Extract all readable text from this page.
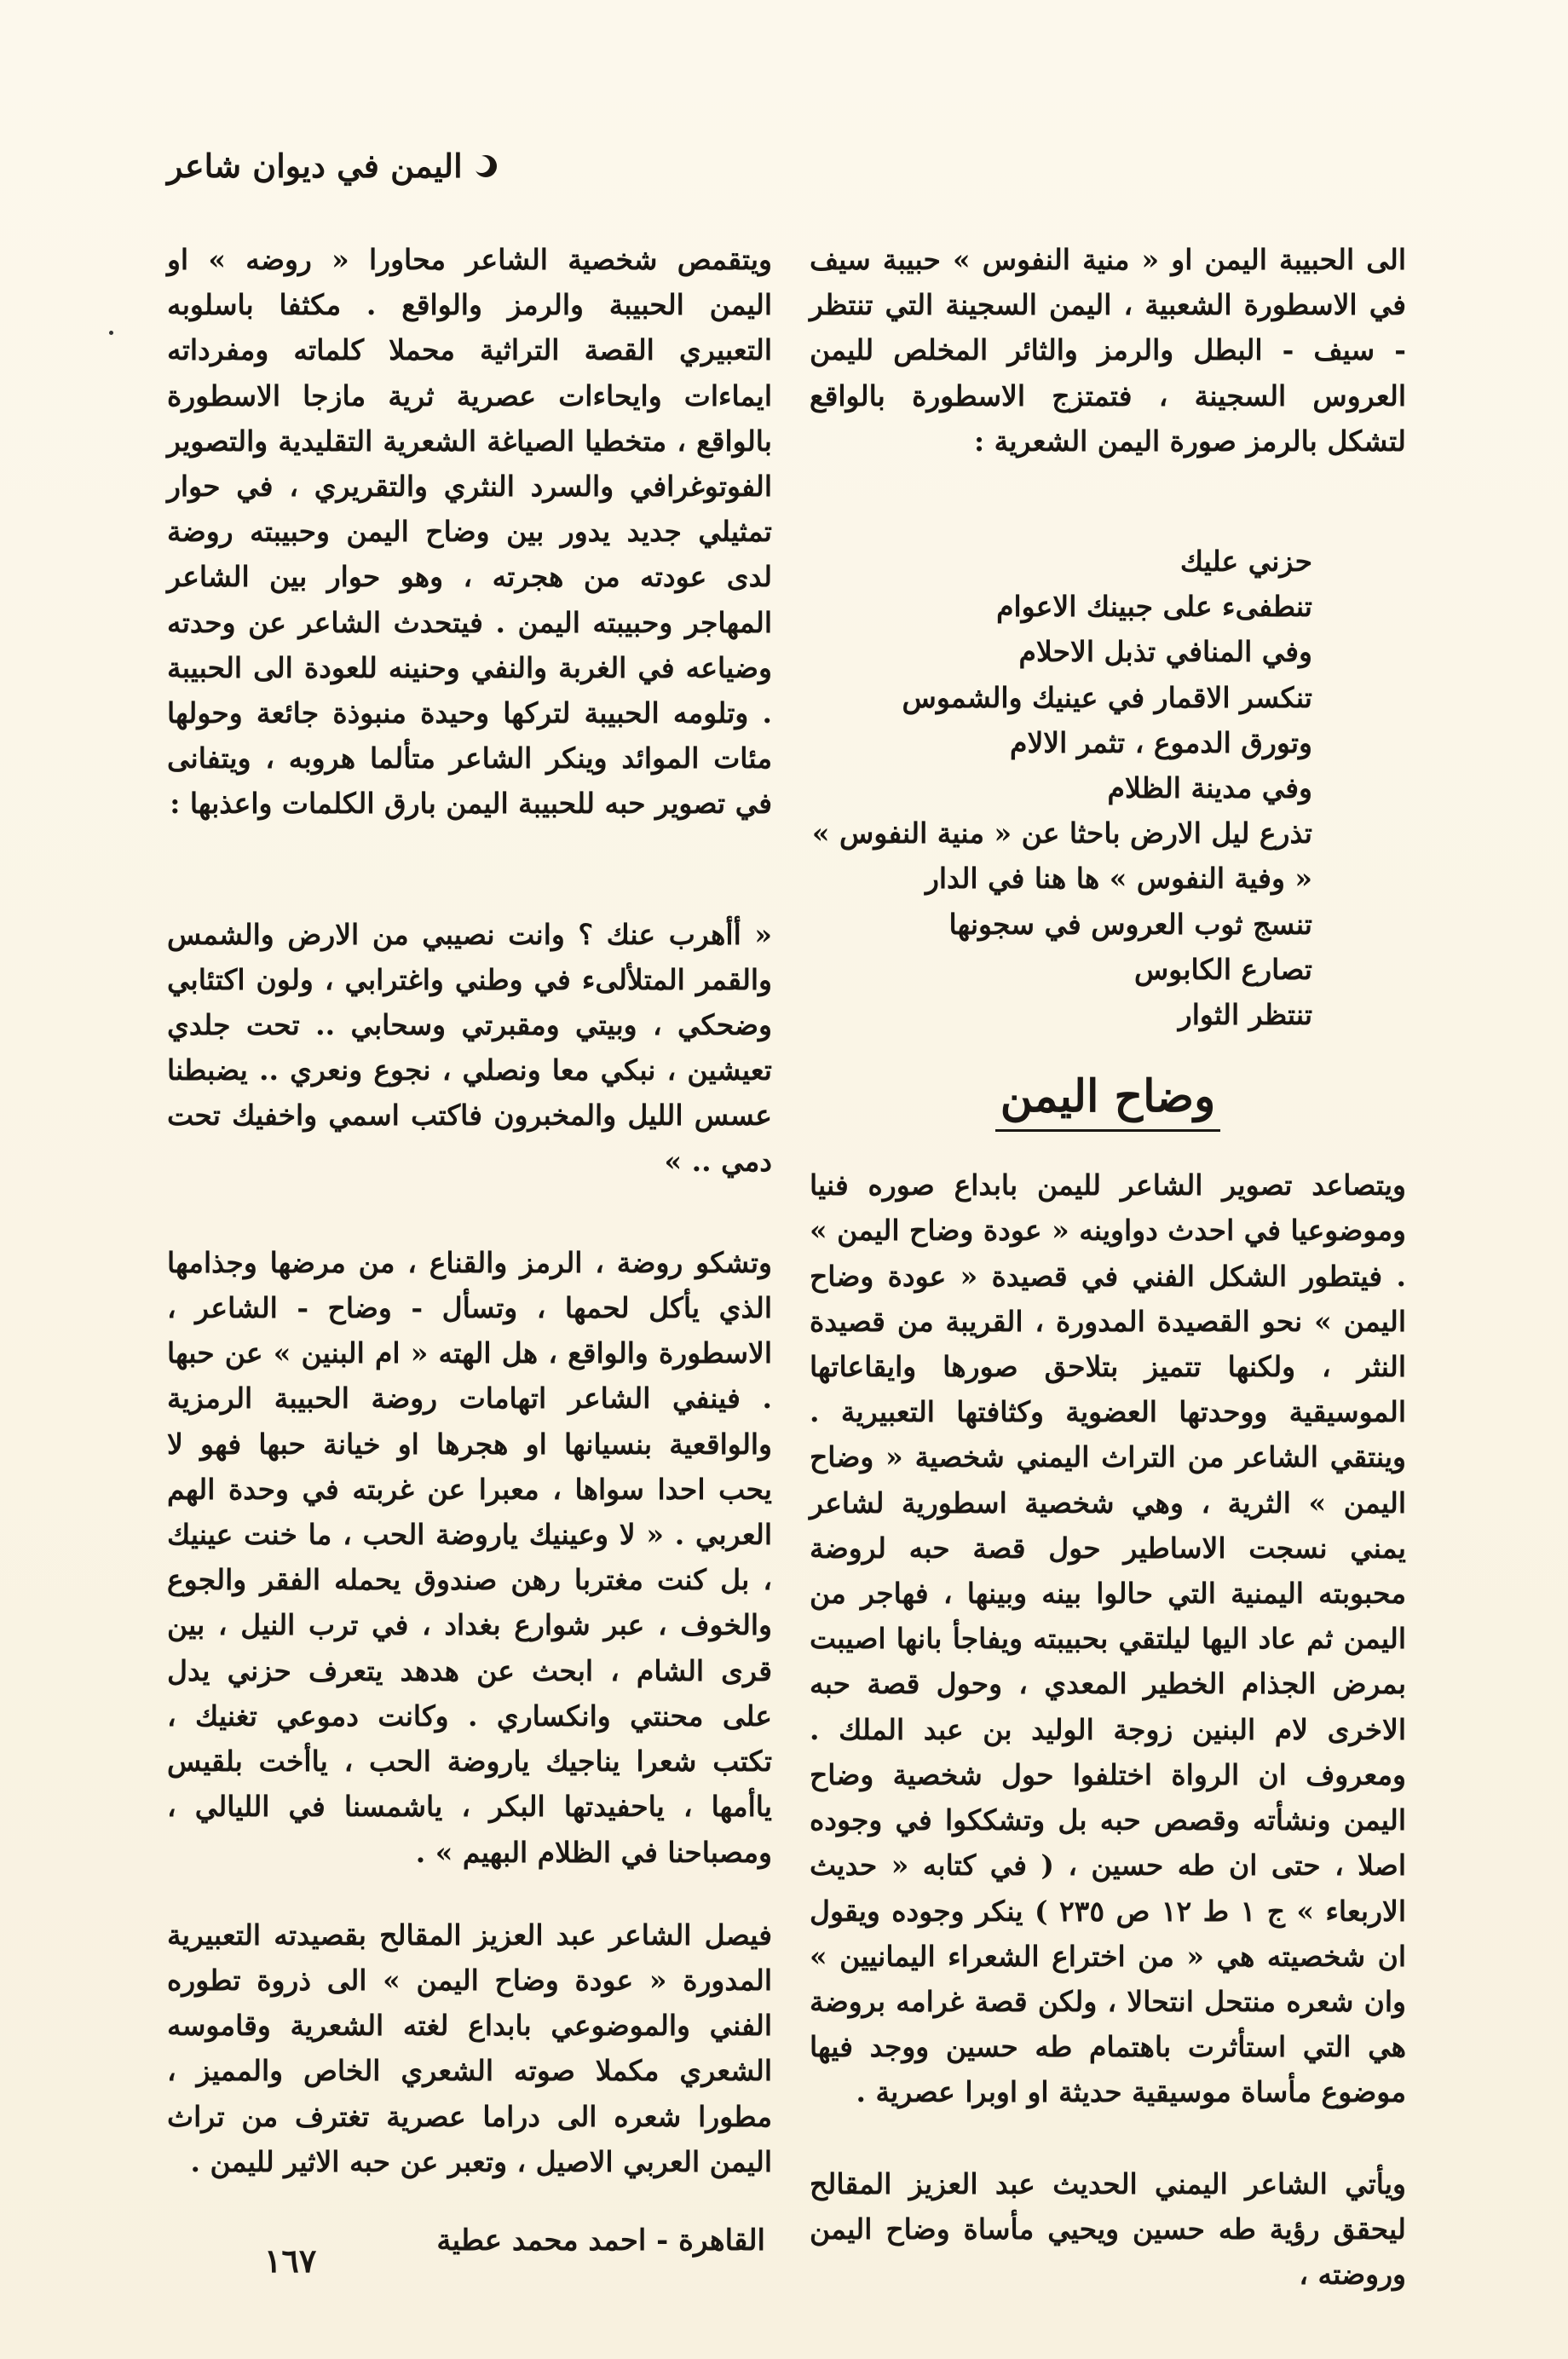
اليمن في ديوان شاعر

الى الحبيبة اليمن او « منية النفوس » حبيبة سيف في الاسطورة الشعبية ، اليمن السجينة التي تنتظر - سيف - البطل والرمز والثائر المخلص لليمن العروس السجينة ، فتمتزج الاسطورة بالواقع لتشكل بالرمز صورة اليمن الشعرية :

حزني عليك
تنطفىء على جبينك الاعوام
وفي المنافي تذبل الاحلام
تنكسر الاقمار في عينيك والشموس
وتورق الدموع ، تثمر الالام
وفي مدينة الظلام
تذرع ليل الارض باحثا عن « منية النفوس »
« وفية النفوس » ها هنا في الدار
تنسج ثوب العروس في سجونها
تصارع الكابوس
تنتظر الثوار
وضاح اليمن

ويتصاعد تصوير الشاعر لليمن بابداع صوره فنيا وموضوعيا في احدث دواوينه « عودة وضاح اليمن » . فيتطور الشكل الفني في قصيدة « عودة وضاح اليمن » نحو القصيدة المدورة ، القريبة من قصيدة النثر ، ولكنها تتميز بتلاحق صورها وايقاعاتها الموسيقية ووحدتها العضوية وكثافتها التعبيرية . وينتقي الشاعر من التراث اليمني شخصية « وضاح اليمن » الثرية ، وهي شخصية اسطورية لشاعر يمني نسجت الاساطير حول قصة حبه لروضة محبوبته اليمنية التي حالوا بينه وبينها ، فهاجر من اليمن ثم عاد اليها ليلتقي بحبيبته ويفاجأ بانها اصيبت بمرض الجذام الخطير المعدي ، وحول قصة حبه الاخرى لام البنين زوجة الوليد بن عبد الملك . ومعروف ان الرواة اختلفوا حول شخصية وضاح اليمن ونشأته وقصص حبه بل وتشككوا في وجوده اصلا ، حتى ان طه حسين ، ( في كتابه « حديث الاربعاء » ج ١ ط ١٢ ص ٢٣٥ ) ينكر وجوده ويقول ان شخصيته هي « من اختراع الشعراء اليمانيين » وان شعره منتحل انتحالا ، ولكن قصة غرامه بروضة هي التي استأثرت باهتمام طه حسين ووجد فيها موضوع مأساة موسيقية حديثة او اوبرا عصرية .

ويأتي الشاعر اليمني الحديث عبد العزيز المقالح ليحقق رؤية طه حسين ويحيي مأساة وضاح اليمن وروضته ،

ويتقمص شخصية الشاعر محاورا « روضه » او اليمن الحبيبة والرمز والواقع . مكثفا باسلوبه التعبيري القصة التراثية محملا كلماته ومفرداته ايماءات وايحاءات عصرية ثرية مازجا الاسطورة بالواقع ، متخطيا الصياغة الشعرية التقليدية والتصوير الفوتوغرافي والسرد النثري والتقريري ، في حوار تمثيلي جديد يدور بين وضاح اليمن وحبيبته روضة لدى عودته من هجرته ، وهو حوار بين الشاعر المهاجر وحبيبته اليمن . فيتحدث الشاعر عن وحدته وضياعه في الغربة والنفي وحنينه للعودة الى الحبيبة . وتلومه الحبيبة لتركها وحيدة منبوذة جائعة وحولها مئات الموائد وينكر الشاعر متألما هروبه ، ويتفانى في تصوير حبه للحبيبة اليمن بارق الكلمات واعذبها :

« أأهرب عنك ؟ وانت نصيبي من الارض والشمس والقمر المتلألىء في وطني واغترابي ، ولون اكتئابي وضحكي ، وبيتي ومقبرتي وسحابي .. تحت جلدي تعيشين ، نبكي معا ونصلي ، نجوع ونعري .. يضبطنا عسس الليل والمخبرون فاكتب اسمي واخفيك تحت دمي .. »

وتشكو روضة ، الرمز والقناع ، من مرضها وجذامها الذي يأكل لحمها ، وتسأل - وضاح - الشاعر ، الاسطورة والواقع ، هل الهته « ام البنين » عن حبها . فينفي الشاعر اتهامات روضة الحبيبة الرمزية والواقعية بنسيانها او هجرها او خيانة حبها فهو لا يحب احدا سواها ، معبرا عن غربته في وحدة الهم العربي . « لا وعينيك ياروضة الحب ، ما خنت عينيك ، بل كنت مغتربا رهن صندوق يحمله الفقر والجوع والخوف ، عبر شوارع بغداد ، في ترب النيل ، بين قرى الشام ، ابحث عن هدهد يتعرف حزني يدل على محنتي وانكساري . وكانت دموعي تغنيك ، تكتب شعرا يناجيك ياروضة الحب ، ياأخت بلقيس ياأمها ، ياحفيدتها البكر ، ياشمسنا في الليالي ، ومصباحنا في الظلام البهيم » .

فيصل الشاعر عبد العزيز المقالح بقصيدته التعبيرية المدورة « عودة وضاح اليمن » الى ذروة تطوره الفني والموضوعي بابداع لغته الشعرية وقاموسه الشعري مكملا صوته الشعري الخاص والمميز ، مطورا شعره الى دراما عصرية تغترف من تراث اليمن العربي الاصيل ، وتعبر عن حبه الاثير لليمن .

القاهرة - احمد محمد عطية
١٦٧
